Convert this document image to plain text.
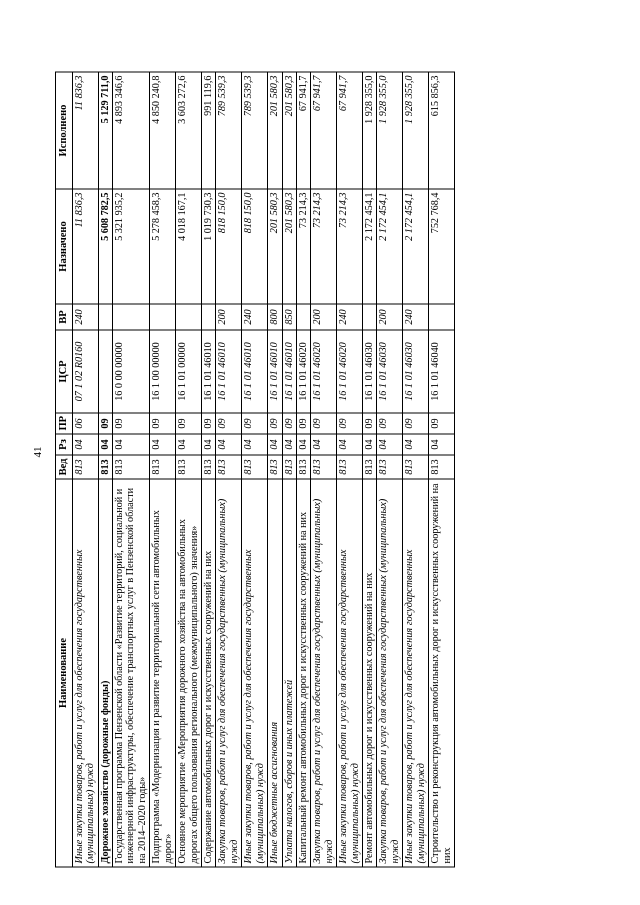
41
Наименование	Вед	Рз	ПР	ЦСР	ВР	Назначено	Исполнено
Иные закупки товаров, работ и услуг для обеспечения государственных (муниципальных) нужд	813	04	06	07 1 02 R0160	240	11 836,3	11 836,3
Дорожное хозяйство (дорожные фонды)	813	04	09			5 608 782,5	5 129 711,0
Государственная программа Пензенской области «Развитие территорий, социальной и инженерной инфраструктуры, обеспечение транспортных услуг в Пензенской области на 2014–2020 годы»	813	04	09	16 0 00 00000		5 321 935,2	4 893 346,6
Подпрограмма «Модернизация и развитие территориальной сети автомобильных дорог»	813	04	09	16 1 00 00000		5 278 458,3	4 850 240,8
Основное мероприятие «Мероприятия дорожного хозяйства на автомобильных дорогах общего пользования регионального (межмуниципального) значения»	813	04	09	16 1 01 00000		4 018 167,1	3 603 272,6
Содержание автомобильных дорог и искусственных сооружений на них	813	04	09	16 1 01 46010		1 019 730,3	991 119,6
Закупка товаров, работ и услуг для обеспечения государственных (муниципальных) нужд	813	04	09	16 1 01 46010	200	818 150,0	789 539,3
Иные закупки товаров, работ и услуг для обеспечения государственных (муниципальных) нужд	813	04	09	16 1 01 46010	240	818 150,0	789 539,3
Иные бюджетные ассигнования	813	04	09	16 1 01 46010	800	201 580,3	201 580,3
Уплата налогов, сборов и иных платежей	813	04	09	16 1 01 46010	850	201 580,3	201 580,3
Капитальный ремонт автомобильных дорог и искусственных сооружений на них	813	04	09	16 1 01 46020		73 214,3	67 941,7
Закупка товаров, работ и услуг для обеспечения государственных (муниципальных) нужд	813	04	09	16 1 01 46020	200	73 214,3	67 941,7
Иные закупки товаров, работ и услуг для обеспечения государственных (муниципальных) нужд	813	04	09	16 1 01 46020	240	73 214,3	67 941,7
Ремонт автомобильных дорог и искусственных сооружений на них	813	04	09	16 1 01 46030		2 172 454,1	1 928 355,0
Закупка товаров, работ и услуг для обеспечения государственных (муниципальных) нужд	813	04	09	16 1 01 46030	200	2 172 454,1	1 928 355,0
Иные закупки товаров, работ и услуг для обеспечения государственных (муниципальных) нужд	813	04	09	16 1 01 46030	240	2 172 454,1	1 928 355,0
Строительство и реконструкция автомобильных дорог и искусственных сооружений на них	813	04	09	16 1 01 46040		752 768,4	615 856,3
